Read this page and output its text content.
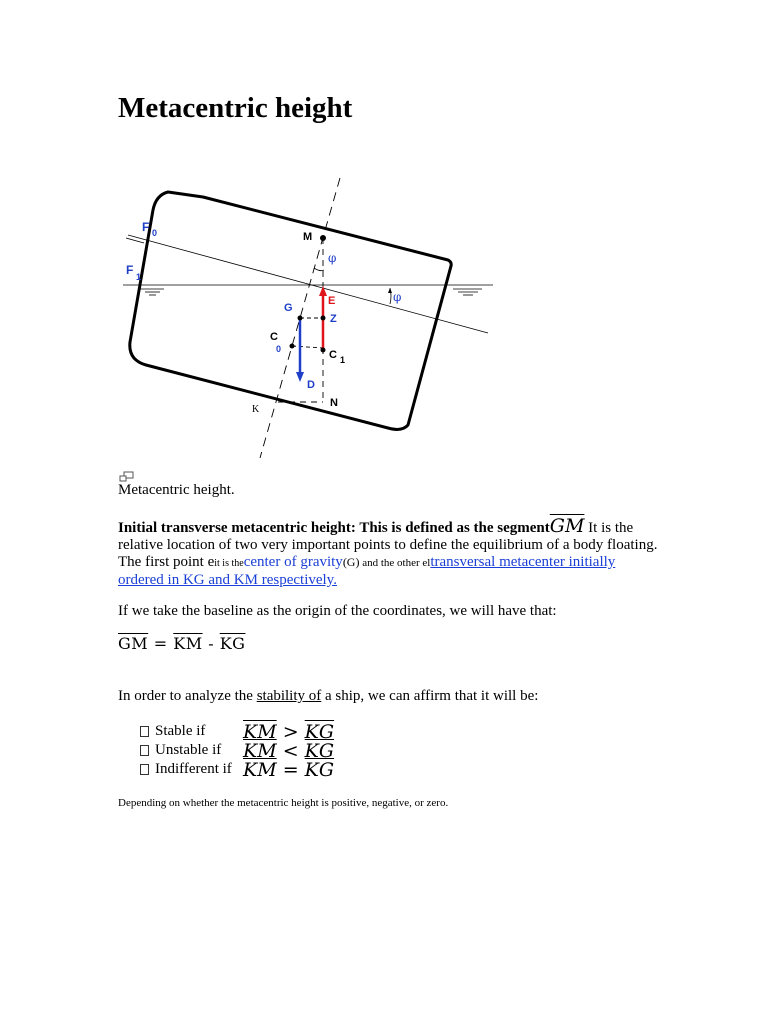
Metacentric height
F 0
F 1
M
φ
φ
G
E
Z
C
0	C 1
D
N
K
Metacentric height.

Initial transverse metacentric height: This is defined as the $segment\overline{GM}$ It is the relative location of two very important points to define the equilibrium of a body floating. The first point eit is thecenter of gravity(G) and the other eltransversal metacenter initially ordered in KG and KM respectively.

If we take the baseline as the origin of the coordinates, we will have that:

$\overline{GM} = \overline{KM} - \overline{KG}$

In order to analyze the stability of a ship, we can affirm that it will be:

Stable if	$\overline{KM} > \overline{KG}$
Unstable if	$\overline{KM} < \overline{KG}$
Indifferent if $\overline{KM} = \overline{KG}$
Depending on whether the metacentric height is positive, negative, or zero.
